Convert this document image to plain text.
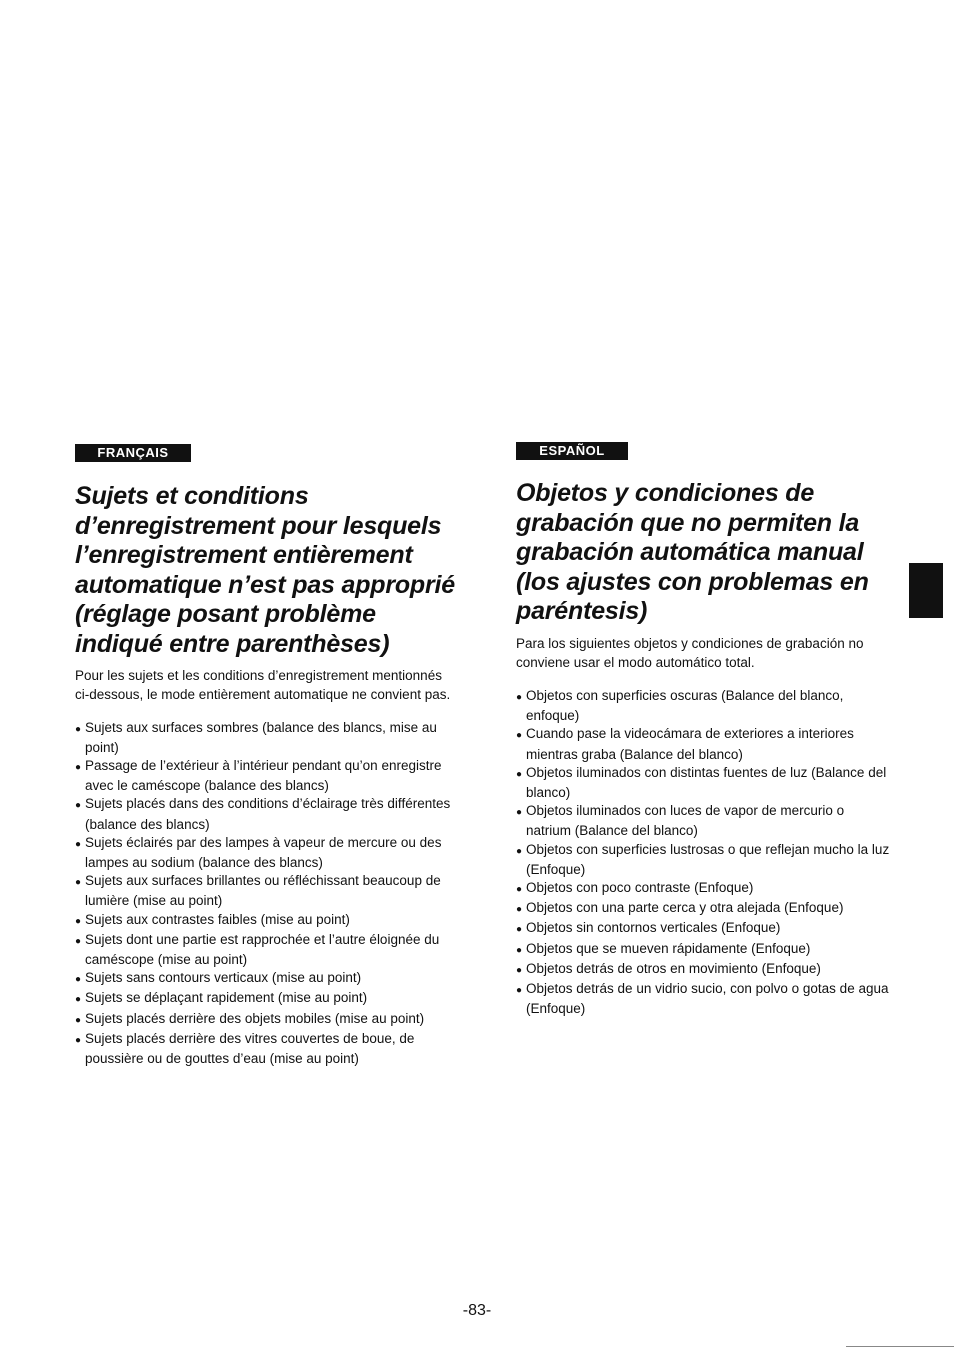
FRANÇAIS
Sujets et conditions d’enregistrement pour lesquels l’enregistrement entièrement automatique n’est pas approprié (réglage posant problème indiqué entre parenthèses)

Pour les sujets et les conditions d’enregistrement mentionnés ci-dessous, le mode entièrement automatique ne convient pas.

● Sujets aux surfaces sombres (balance des blancs, mise au point)
● Passage de l’extérieur à l’intérieur pendant qu’on enregistre avec le caméscope (balance des blancs)
● Sujets placés dans des conditions d’éclairage très différentes (balance des blancs)
● Sujets éclairés par des lampes à vapeur de mercure ou des lampes au sodium (balance des blancs)
● Sujets aux surfaces brillantes ou réfléchissant beaucoup de lumière (mise au point)
● Sujets aux contrastes faibles (mise au point)
● Sujets dont une partie est rapprochée et l’autre éloignée du caméscope (mise au point)
● Sujets sans contours verticaux (mise au point)
● Sujets se déplaçant rapidement (mise au point)
● Sujets placés derrière des objets mobiles (mise au point)
● Sujets placés derrière des vitres couvertes de boue, de poussière ou de gouttes d’eau (mise au point)
ESPAÑOL
Objetos y condiciones de grabación que no permiten la grabación automática manual (los ajustes con problemas en paréntesis)

Para los siguientes objetos y condiciones de grabación no conviene usar el modo automático total.

● Objetos con superficies oscuras (Balance del blanco, enfoque)
● Cuando pase la videocámara de exteriores a interiores mientras graba (Balance del blanco)
● Objetos iluminados con distintas fuentes de luz (Balance del blanco)
● Objetos iluminados con luces de vapor de mercurio o natrium (Balance del blanco)
● Objetos con superficies lustrosas o que reflejan mucho la luz (Enfoque)
● Objetos con poco contraste (Enfoque)
● Objetos con una parte cerca y otra alejada (Enfoque)
● Objetos sin contornos verticales (Enfoque)
● Objetos que se mueven rápidamente (Enfoque)
● Objetos detrás de otros en movimiento (Enfoque)
● Objetos detrás de un vidrio sucio, con polvo o gotas de agua (Enfoque)
-83-
